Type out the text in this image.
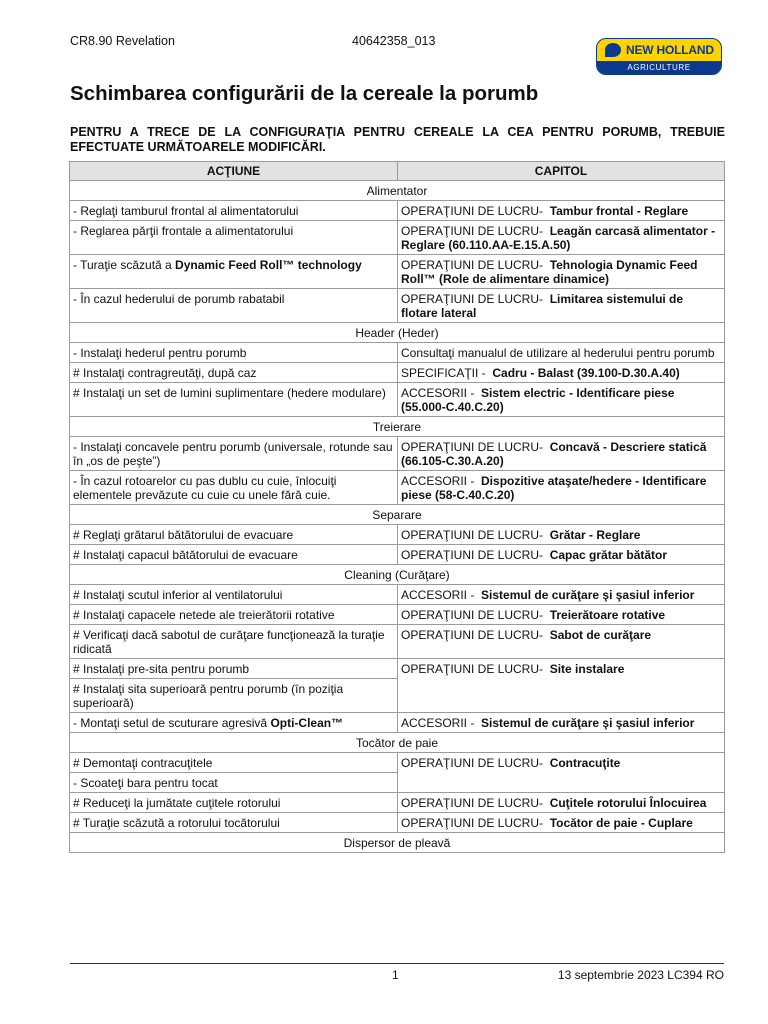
CR8.90 Revelation	40642358_013
NEW HOLLAND
AGRICULTURE
Schimbarea configurării de la cereale la porumb
PENTRU A TRECE DE LA CONFIGURAŢIA PENTRU CEREALE LA CEA PENTRU PORUMB, TREBUIE EFECTUATE URMĂTOARELE MODIFICĂRI.
ACŢIUNE	CAPITOL
Alimentator	
- Reglaţi tamburul frontal al alimentatorului	OPERAŢIUNI DE LUCRU- Tambur frontal - Reglare
- Reglarea părţii frontale a alimentatorului	OPERAŢIUNI DE LUCRU- Leagăn carcasă alimentator - Reglare (60.110.AA-E.15.A.50)
- Turaţie scăzută a Dynamic Feed Roll™ technology	OPERAŢIUNI DE LUCRU- Tehnologia Dynamic Feed Roll™ (Role de alimentare dinamice)
- În cazul hederului de porumb rabatabil	OPERAŢIUNI DE LUCRU- Limitarea sistemului de flotare lateral
Header (Heder)	
- Instalaţi hederul pentru porumb	Consultaţi manualul de utilizare al hederului pentru porumb
# Instalaţi contragreutăţi, după caz	SPECIFICAŢII - Cadru - Balast (39.100-D.30.A.40)
# Instalaţi un set de lumini suplimentare (hedere modulare)	ACCESORII - Sistem electric - Identificare piese (55.000-C.40.C.20)
Treierare	
- Instalaţi concavele pentru porumb (universale, rotunde sau în „os de peşte”)	OPERAŢIUNI DE LUCRU- Concavă - Descriere statică (66.105-C.30.A.20)
- În cazul rotoarelor cu pas dublu cu cuie, înlocuiţi elementele prevăzute cu cuie cu unele fără cuie.	ACCESORII - Dispozitive ataşate/hedere - Identificare piese (58-C.40.C.20)
Separare	
# Reglaţi grătarul bătătorului de evacuare	OPERAŢIUNI DE LUCRU- Grătar - Reglare
# Instalaţi capacul bătătorului de evacuare	OPERAŢIUNI DE LUCRU- Capac grătar bătător
Cleaning (Curăţare)	
# Instalaţi scutul inferior al ventilatorului	ACCESORII - Sistemul de curăţare şi şasiul inferior
# Instalaţi capacele netede ale treierătorii rotative	OPERAŢIUNI DE LUCRU- Treierătoare rotative
# Verificaţi dacă sabotul de curăţare funcţionează la turaţie ridicată	OPERAŢIUNI DE LUCRU- Sabot de curăţare
# Instalaţi pre-sita pentru porumb	OPERAŢIUNI DE LUCRU- Site instalare
# Instalaţi sita superioară pentru porumb (în poziţia superioară)	
- Montaţi setul de scuturare agresivă Opti-Clean™	ACCESORII - Sistemul de curăţare şi şasiul inferior
Tocător de paie	
# Demontaţi contracuţitele	OPERAŢIUNI DE LUCRU- Contracuţite
- Scoateţi bara pentru tocat	
# Reduceţi la jumătate cuţitele rotorului	OPERAŢIUNI DE LUCRU- Cuţitele rotorului Înlocuirea
# Turaţie scăzută a rotorului tocătorului	OPERAŢIUNI DE LUCRU- Tocător de paie - Cuplare
Dispersor de pleavă	
1	13 septembrie 2023 LC394 RO
